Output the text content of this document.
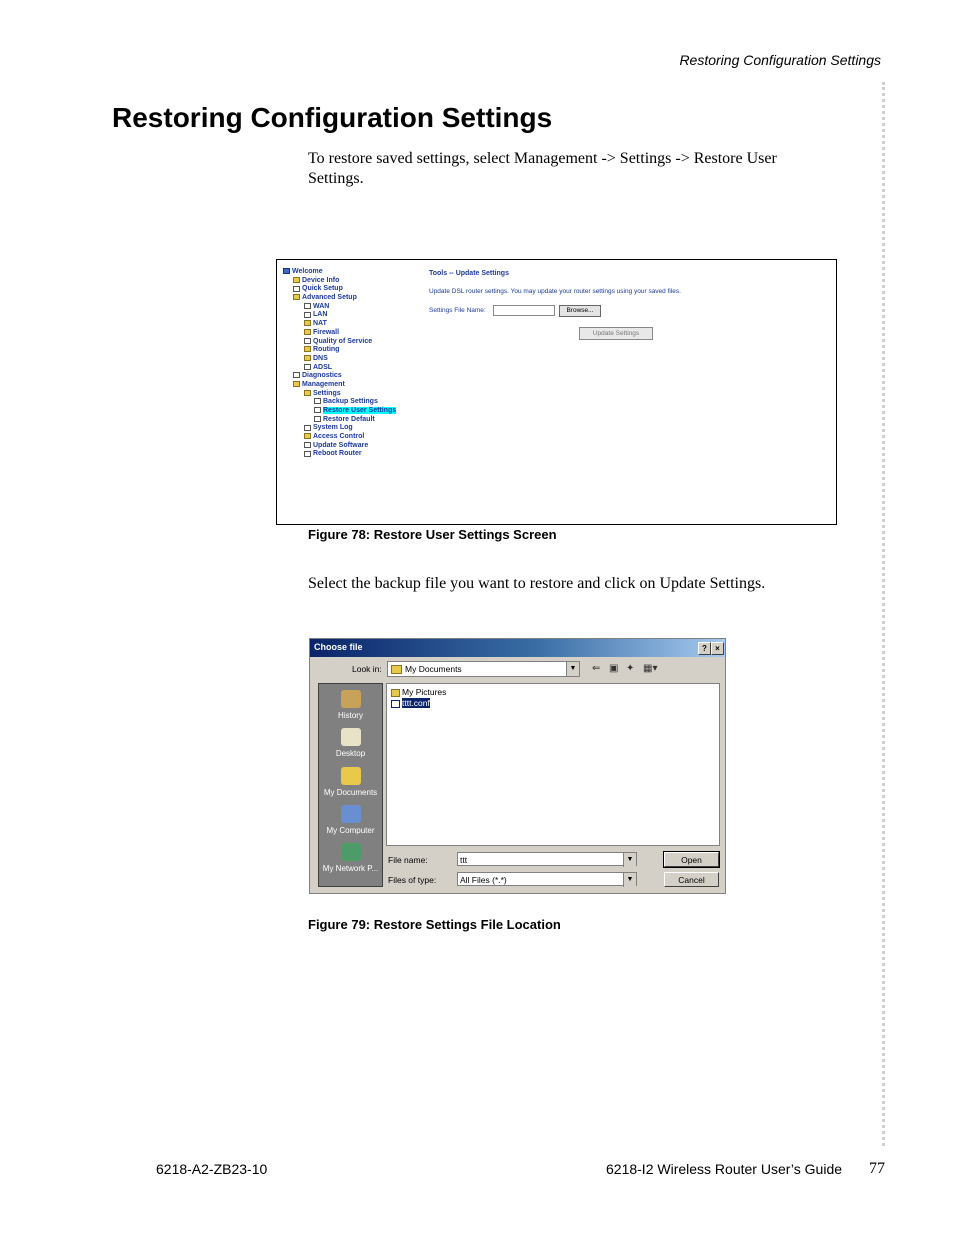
Restoring Configuration Settings
Restoring Configuration Settings
To restore saved settings, select Management -> Settings -> Restore User Settings.
Welcome
Device Info
Quick Setup
Advanced Setup
WAN
LAN
NAT
Firewall
Quality of Service
Routing
DNS
ADSL
Diagnostics
Management
Settings
Backup Settings
Restore User Settings
Restore Default
System Log
Access Control
Update Software
Reboot Router
Tools -- Update Settings
Update DSL router settings. You may update your router settings using your saved files.
Settings File Name:	Browse...
Update Settings
Figure 78: Restore User Settings Screen
Select the backup file you want to restore and click on Update Settings.
Choose file	?	×
Look in:	My Documents	▼ ⇐ ▣ ✦ ▦▾
History
Desktop
My Documents
My Computer
My Network P...
My Pictures
tttt.conf
File name:	ttt	▼
Files of type:	All Files (*.*)	▼
Open
Cancel
Figure 79: Restore Settings File Location
6218-A2-ZB23-10	6218-I2 Wireless Router User’s Guide 77
